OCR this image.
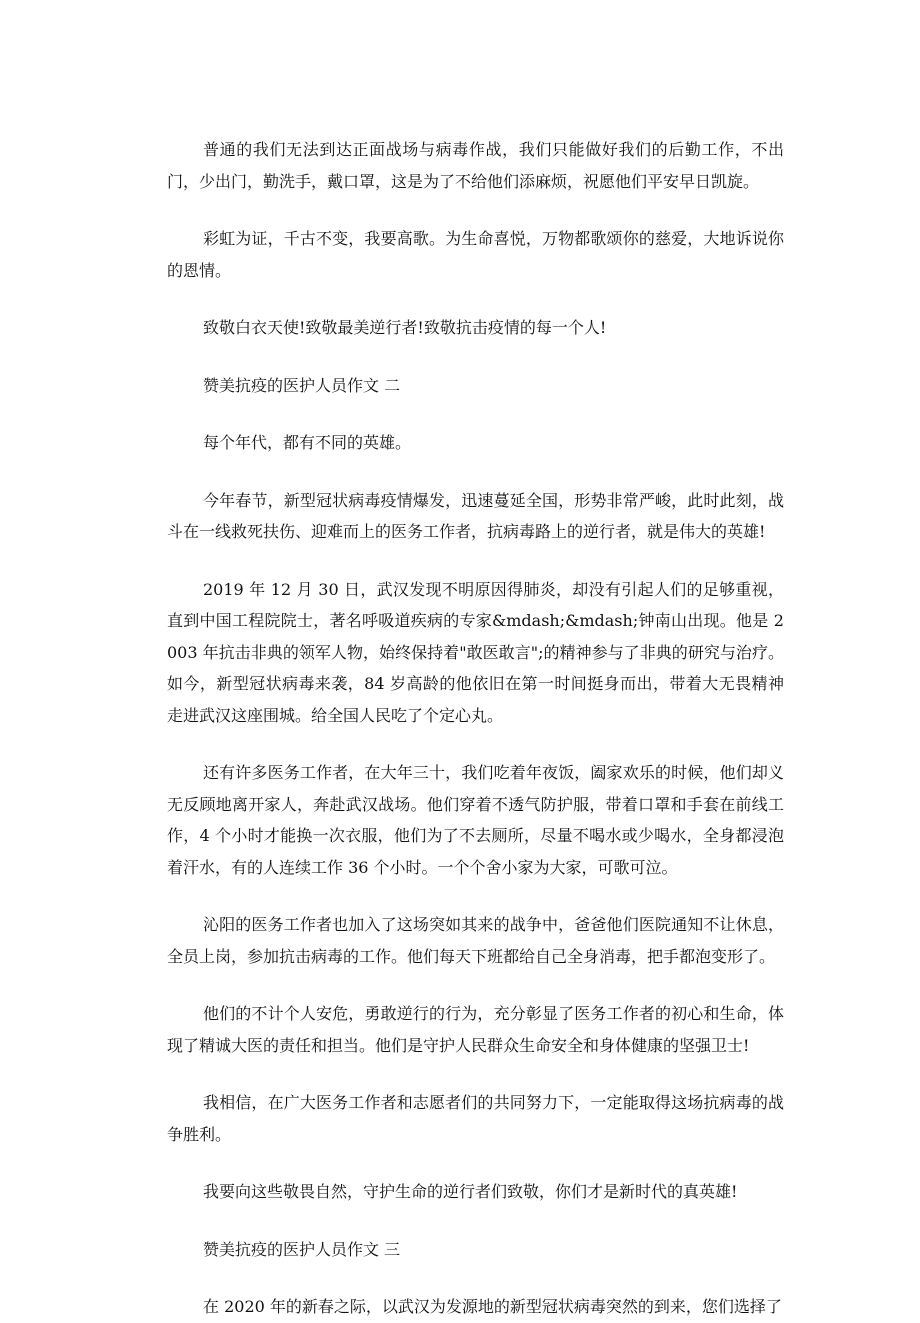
普通的我们无法到达正面战场与病毒作战，我们只能做好我们的后勤工作，不出门，少出门，勤洗手，戴口罩，这是为了不给他们添麻烦，祝愿他们平安早日凯旋。

彩虹为证，千古不变，我要高歌。为生命喜悦，万物都歌颂你的慈爱，大地诉说你的恩情。

致敬白衣天使!致敬最美逆行者!致敬抗击疫情的每一个人!

赞美抗疫的医护人员作文 二

每个年代，都有不同的英雄。

今年春节，新型冠状病毒疫情爆发，迅速蔓延全国，形势非常严峻，此时此刻，战斗在一线救死扶伤、迎难而上的医务工作者，抗病毒路上的逆行者，就是伟大的英雄!

2019 年 12 月 30 日，武汉发现不明原因得肺炎，却没有引起人们的足够重视，直到中国工程院院士，著名呼吸道疾病的专家&mdash;&mdash;钟南山出现。他是 2003 年抗击非典的领军人物，始终保持着"敢医敢言";的精神参与了非典的研究与治疗。如今，新型冠状病毒来袭，84 岁高龄的他依旧在第一时间挺身而出，带着大无畏精神走进武汉这座围城。给全国人民吃了个定心丸。

还有许多医务工作者，在大年三十，我们吃着年夜饭，阖家欢乐的时候，他们却义无反顾地离开家人，奔赴武汉战场。他们穿着不透气防护服，带着口罩和手套在前线工作，4 个小时才能换一次衣服，他们为了不去厕所，尽量不喝水或少喝水，全身都浸泡着汗水，有的人连续工作 36 个小时。一个个舍小家为大家，可歌可泣。

沁阳的医务工作者也加入了这场突如其来的战争中，爸爸他们医院通知不让休息，全员上岗，参加抗击病毒的工作。他们每天下班都给自己全身消毒，把手都泡变形了。

他们的不计个人安危，勇敢逆行的行为，充分彰显了医务工作者的初心和生命，体现了精诚大医的责任和担当。他们是守护人民群众生命安全和身体健康的坚强卫士!

我相信，在广大医务工作者和志愿者们的共同努力下，一定能取得这场抗病毒的战争胜利。

我要向这些敬畏自然，守护生命的逆行者们致敬，你们才是新时代的真英雄!

赞美抗疫的医护人员作文 三

在 2020 年的新春之际，以武汉为发源地的新型冠状病毒突然的到来，您们选择了
